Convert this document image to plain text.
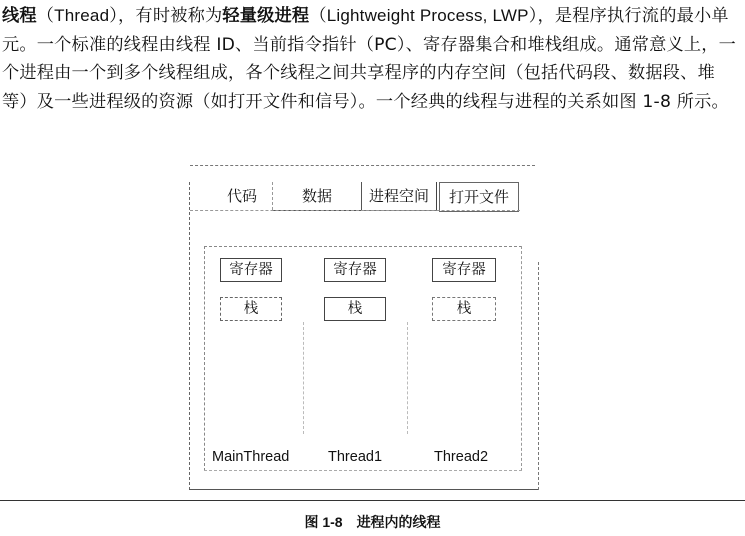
线程（Thread），有时被称为轻量级进程（Lightweight Process, LWP），是程序执行流的最小单元。一个标准的线程由线程 ID、当前指令指针（PC）、寄存器集合和堆栈组成。通常意义上，一个进程由一个到多个线程组成，各个线程之间共享程序的内存空间（包括代码段、数据段、堆等）及一些进程级的资源（如打开文件和信号）。一个经典的线程与进程的关系如图 1-8 所示。

代码	数据	进程空间	打开文件
寄存器	寄存器	寄存器
栈	栈	栈
MainThread	Thread1	Thread2
图 1-8 进程内的线程
